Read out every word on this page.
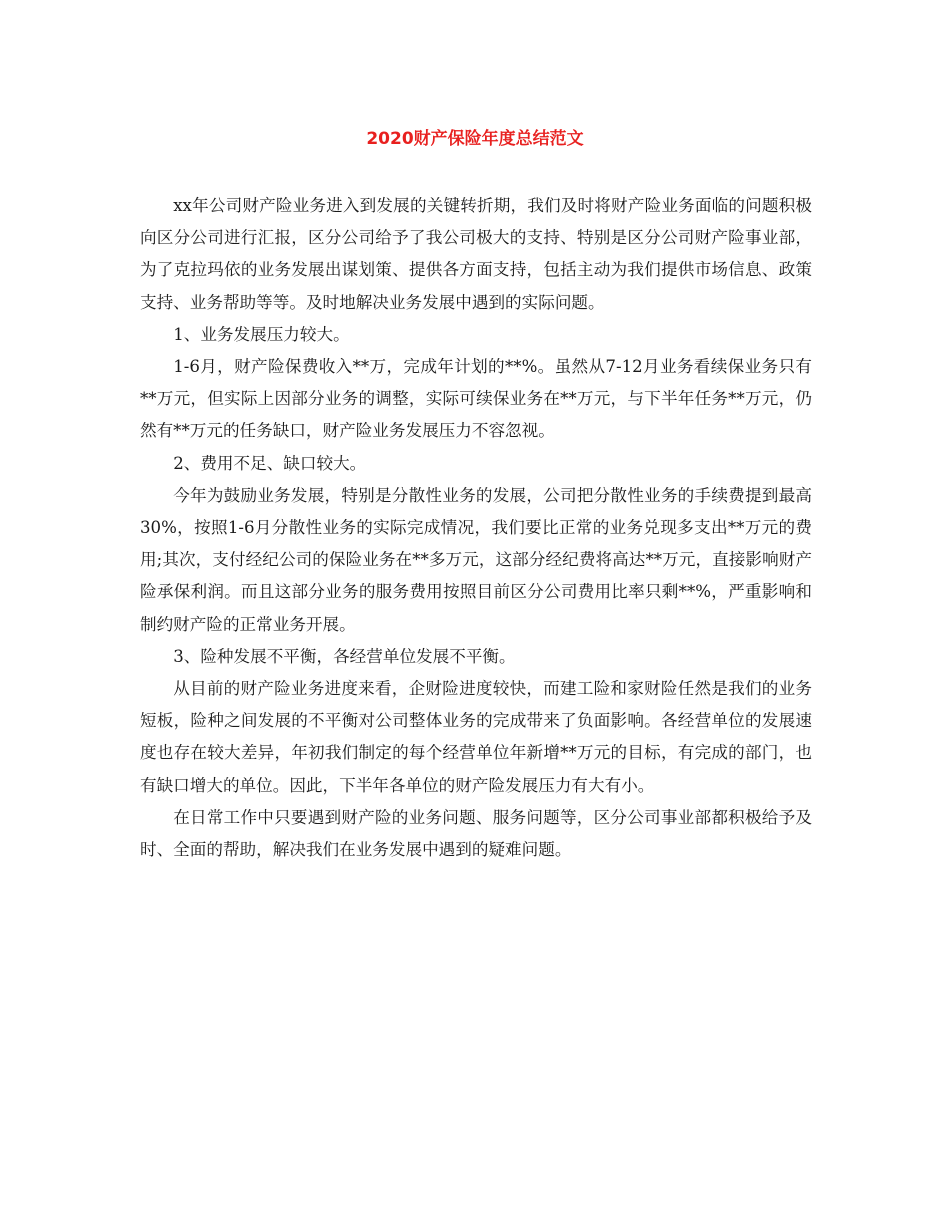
2020财产保险年度总结范文

xx年公司财产险业务进入到发展的关键转折期，我们及时将财产险业务面临的问题积极向区分公司进行汇报，区分公司给予了我公司极大的支持、特别是区分公司财产险事业部，为了克拉玛依的业务发展出谋划策、提供各方面支持，包括主动为我们提供市场信息、政策支持、业务帮助等等。及时地解决业务发展中遇到的实际问题。

1、业务发展压力较大。

1-6月，财产险保费收入**万，完成年计划的**%。虽然从7-12月业务看续保业务只有**万元，但实际上因部分业务的调整，实际可续保业务在**万元，与下半年任务**万元，仍然有**万元的任务缺口，财产险业务发展压力不容忽视。

2、费用不足、缺口较大。

今年为鼓励业务发展，特别是分散性业务的发展，公司把分散性业务的手续费提到最高30%，按照1-6月分散性业务的实际完成情况，我们要比正常的业务兑现多支出**万元的费用;其次，支付经纪公司的保险业务在**多万元，这部分经纪费将高达**万元，直接影响财产险承保利润。而且这部分业务的服务费用按照目前区分公司费用比率只剩**%，严重影响和制约财产险的正常业务开展。

3、险种发展不平衡，各经营单位发展不平衡。

从目前的财产险业务进度来看，企财险进度较快，而建工险和家财险任然是我们的业务短板，险种之间发展的不平衡对公司整体业务的完成带来了负面影响。各经营单位的发展速度也存在较大差异，年初我们制定的每个经营单位年新增**万元的目标，有完成的部门，也有缺口增大的单位。因此，下半年各单位的财产险发展压力有大有小。

在日常工作中只要遇到财产险的业务问题、服务问题等，区分公司事业部都积极给予及时、全面的帮助，解决我们在业务发展中遇到的疑难问题。
